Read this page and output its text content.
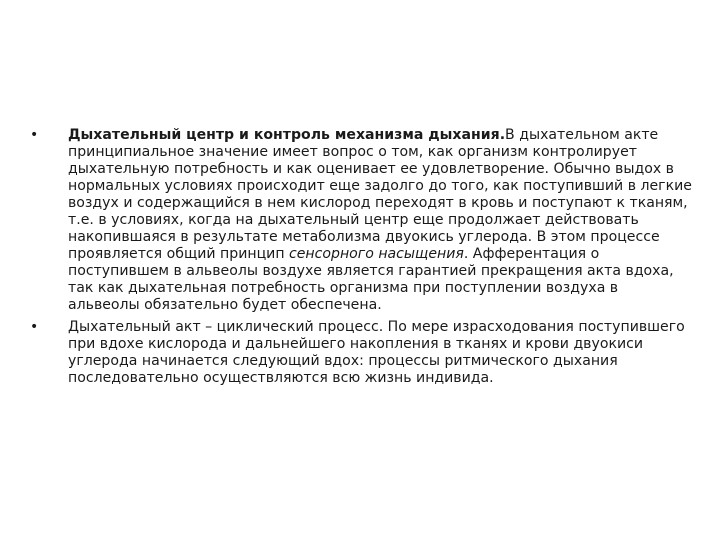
•	Дыхательный центр и контроль механизма дыхания.В дыхательном акте принципиальное значение имеет вопрос о том, как организм контролирует дыхательную потребность и как оценивает ее удовлетворение. Обычно выдох в нормальных условиях происходит еще задолго до того, как поступивший в легкие воздух и содержащийся в нем кислород переходят в кровь и поступают к тканям, т.е. в условиях, когда на дыхательный центр еще продолжает действовать накопившаяся в результате метаболизма двуокись углерода. В этом процессе проявляется общий принцип сенсорного насыщения. Афферентация о поступившем в альвеолы воздухе является гарантией прекращения акта вдоха, так как дыхательная потребность организма при поступлении воздуха в альвеолы обязательно будет обеспечена.
•	Дыхательный акт – циклический процесс. По мере израсходования поступившего при вдохе кислорода и дальнейшего накопления в тканях и крови двуокиси углерода начинается следующий вдох: процессы ритмического дыхания последовательно осуществляются всю жизнь индивида.
